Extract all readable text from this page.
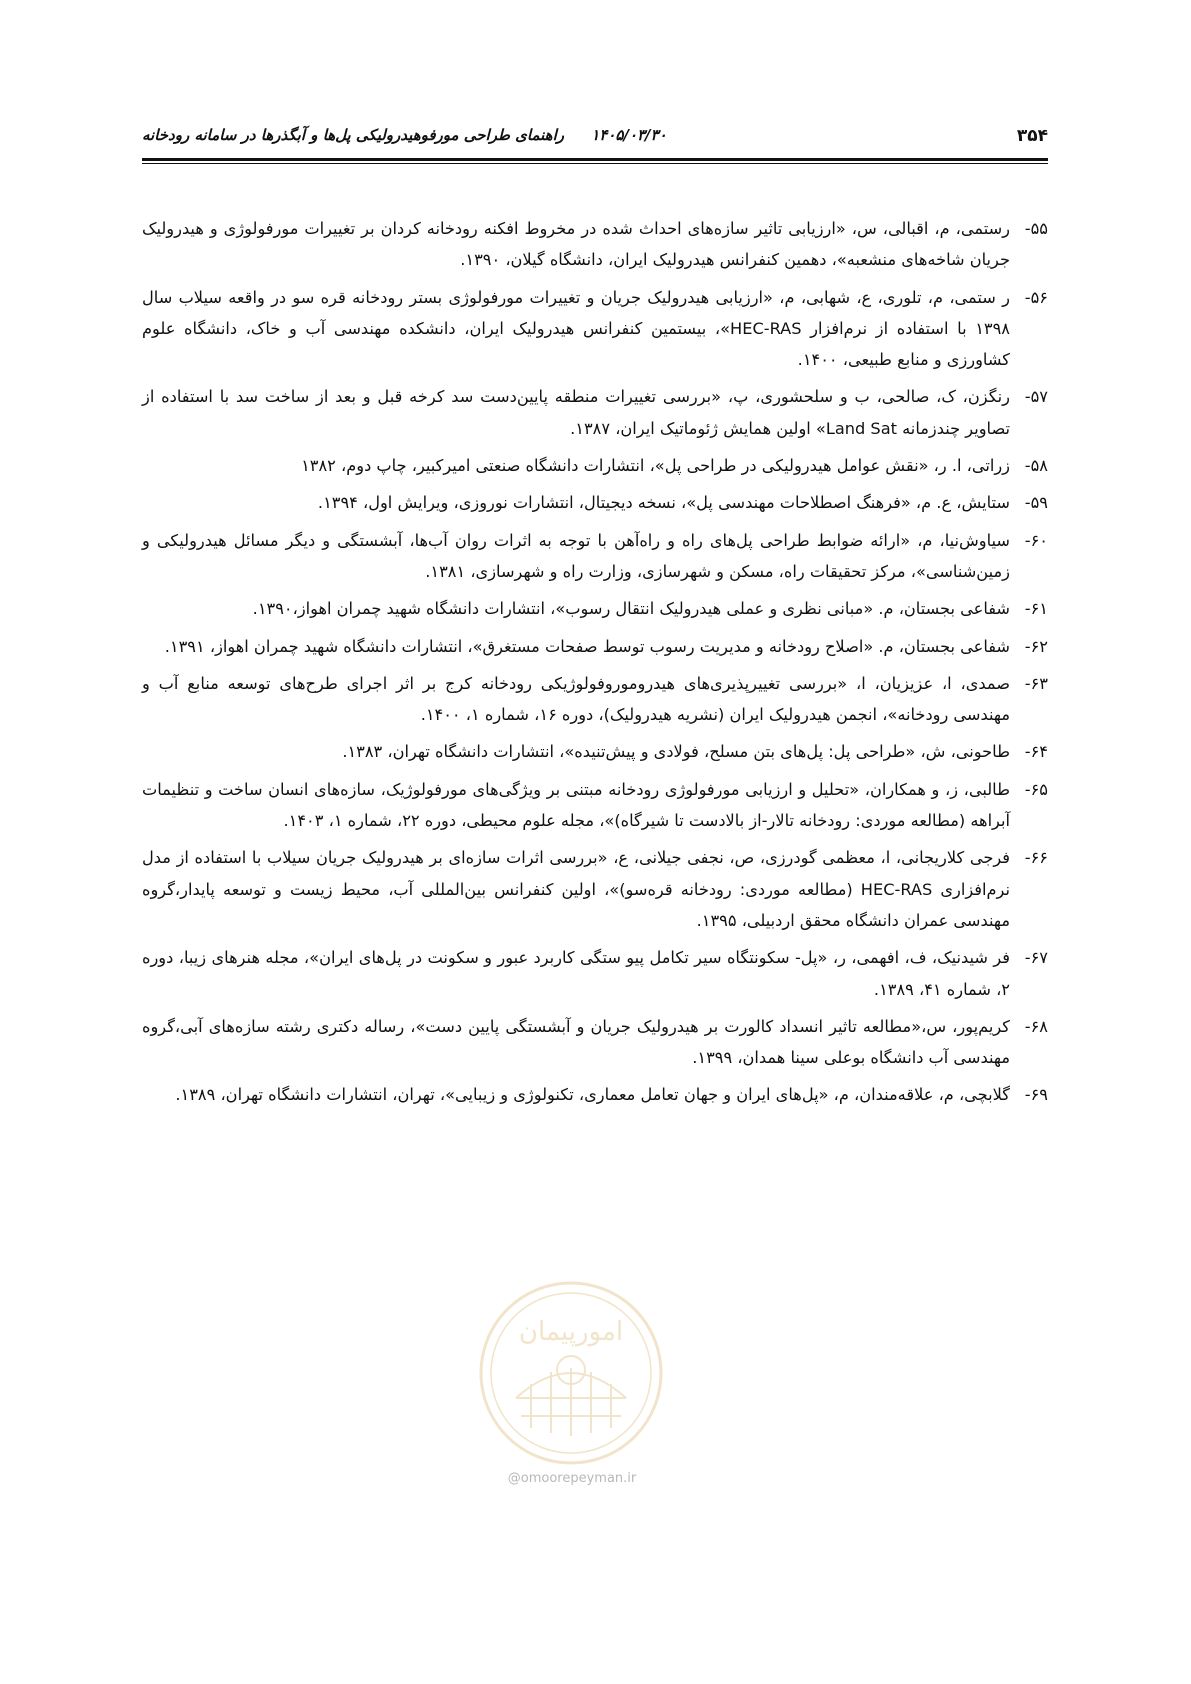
۳۵۴
۱۴۰۵/۰۳/۳۰ راهنمای طراحی مورفوهیدرولیکی پل‌ها و آبگذرها در سامانه رودخانه
۵۵-
رستمی، م، اقبالی، س، «ارزیابی تاثیر سازه‌های احداث شده در مخروط افکنه رودخانه کردان بر تغییرات مورفولوژی و هیدرولیک جریان شاخه‌های منشعبه»، دهمین کنفرانس هیدرولیک ایران، دانشگاه گیلان، ۱۳۹۰.
۵۶-
ر ستمی، م، تلوری، ع، شهابی، م، «ارزیابی هیدرولیک جریان و تغییرات مورفولوژی بستر رودخانه قره سو در واقعه سیلاب سال ۱۳۹۸ با استفاده از نرم‌افزار HEC-RAS»، بیستمین کنفرانس هیدرولیک ایران، دانشکده مهندسی آب و خاک، دانشگاه علوم کشاورزی و منابع طبیعی، ۱۴۰۰.
۵۷-
رنگزن، ک، صالحی، ب و سلحشوری، پ، «بررسی تغییرات منطقه پایین‌دست سد کرخه قبل و بعد از ساخت سد با استفاده از تصاویر چندزمانه Land Sat» اولین همایش ژئوماتیک ایران، ۱۳۸۷.
۵۸-
زراتی، ا. ر، «نقش عوامل هیدرولیکی در طراحی پل»، انتشارات دانشگاه صنعتی امیرکبیر، چاپ دوم، ۱۳۸۲
۵۹-
ستایش، ع. م، «فرهنگ اصطلاحات مهندسی پل»، نسخه دیجیتال، انتشارات نوروزی، ویرایش اول، ۱۳۹۴.
۶۰-
سیاوش‌نیا، م، «ارائه ضوابط طراحی پل‌های راه و راه‌آهن با توجه به اثرات روان آب‌ها، آبشستگی و دیگر مسائل هیدرولیکی و زمین‌شناسی»، مرکز تحقیقات راه، مسکن و شهرسازی، وزارت راه و شهرسازی، ۱۳۸۱.
۶۱-
شفاعی بجستان، م. «مبانی نظری و عملی هیدرولیک انتقال رسوب»، انتشارات دانشگاه شهید چمران اهواز،۱۳۹۰.
۶۲-
شفاعی بجستان، م. «اصلاح رودخانه و مدیریت رسوب توسط صفحات مستغرق»، انتشارات دانشگاه شهید چمران اهواز، ۱۳۹۱.
۶۳-
صمدی، ا، عزیزیان، ا، «بررسی تغییرپذیری‌های هیدروموروفولوژیکی رودخانه کرج بر اثر اجرای طرح‌های توسعه منابع آب و مهندسی رودخانه»، انجمن هیدرولیک ایران (نشریه هیدرولیک)، دوره ۱۶، شماره ۱، ۱۴۰۰.
۶۴-
طاحونی، ش، «طراحی پل: پل‌های بتن مسلح، فولادی و پیش‌تنیده»، انتشارات دانشگاه تهران، ۱۳۸۳.
۶۵-
طالبی، ز، و همکاران، «تحلیل و ارزیابی مورفولوژی رودخانه مبتنی بر ویژگی‌های مورفولوژیک، سازه‌های انسان ساخت و تنظیمات آبراهه (مطالعه موردی: رودخانه تالار-از بالادست تا شیرگاه)»، مجله علوم محیطی، دوره ۲۲، شماره ۱، ۱۴۰۳.
۶۶-
فرجی کلاریجانی، ا، معظمی گودرزی، ص، نجفی جیلانی، ع، «بررسی اثرات سازه‌ای بر هیدرولیک جریان سیلاب با استفاده از مدل نرم‌افزاری HEC-RAS (مطالعه موردی: رودخانه قره‌سو)»، اولین کنفرانس بین‌المللی آب، محیط زیست و توسعه پایدار،گروه مهندسی عمران دانشگاه محقق اردبیلی، ۱۳۹۵.
۶۷-
فر شیدنیک، ف، افهمی، ر، «پل- سکونتگاه سیر تکامل پیو ستگی کاربرد عبور و سکونت در پل‌های ایران»، مجله هنرهای زیبا، دوره ۲، شماره ۴۱، ۱۳۸۹.
۶۸-
کریم‌پور، س،«مطالعه تاثیر انسداد کالورت بر هیدرولیک جریان و آبشستگی پایین دست»، رساله دکتری رشته سازه‌های آبی،گروه مهندسی آب دانشگاه بوعلی سینا همدان، ۱۳۹۹.
۶۹-
گلابچی، م، علاقه‌مندان، م، «پل‌های ایران و جهان تعامل معماری، تکنولوژی و زیبایی»، تهران، انتشارات دانشگاه تهران، ۱۳۸۹.
امورپیمان
@omoorepeyman.ir
